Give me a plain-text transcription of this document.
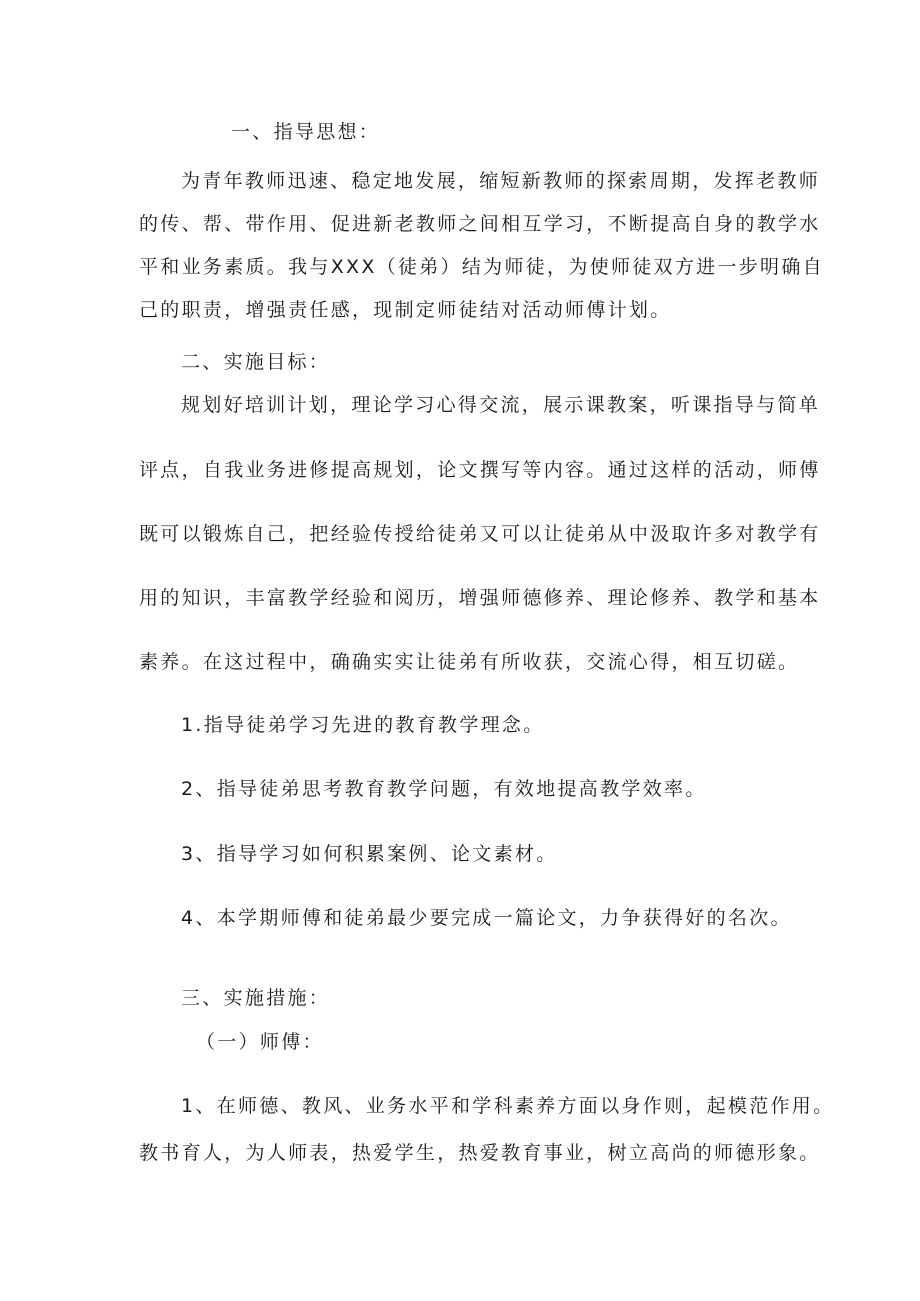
一、指导思想：
为青年教师迅速、稳定地发展，缩短新教师的探索周期，发挥老教师
的传、帮、带作用、促进新老教师之间相互学习，不断提高自身的教学水
平和业务素质。我与XXX（徒弟）结为师徒，为使师徒双方进一步明确自
己的职责，增强责任感，现制定师徒结对活动师傅计划。
二、实施目标：
规划好培训计划，理论学习心得交流，展示课教案，听课指导与简单
评点，自我业务进修提高规划，论文撰写等内容。通过这样的活动，师傅
既可以锻炼自己，把经验传授给徒弟又可以让徒弟从中汲取许多对教学有
用的知识，丰富教学经验和阅历，增强师德修养、理论修养、教学和基本
素养。在这过程中，确确实实让徒弟有所收获，交流心得，相互切磋。
1.指导徒弟学习先进的教育教学理念。
2、指导徒弟思考教育教学问题，有效地提高教学效率。
3、指导学习如何积累案例、论文素材。
4、本学期师傅和徒弟最少要完成一篇论文，力争获得好的名次。
三、实施措施：
（一）师傅：
1、在师德、教风、业务水平和学科素养方面以身作则，起模范作用。
教书育人，为人师表，热爱学生，热爱教育事业，树立高尚的师德形象。
